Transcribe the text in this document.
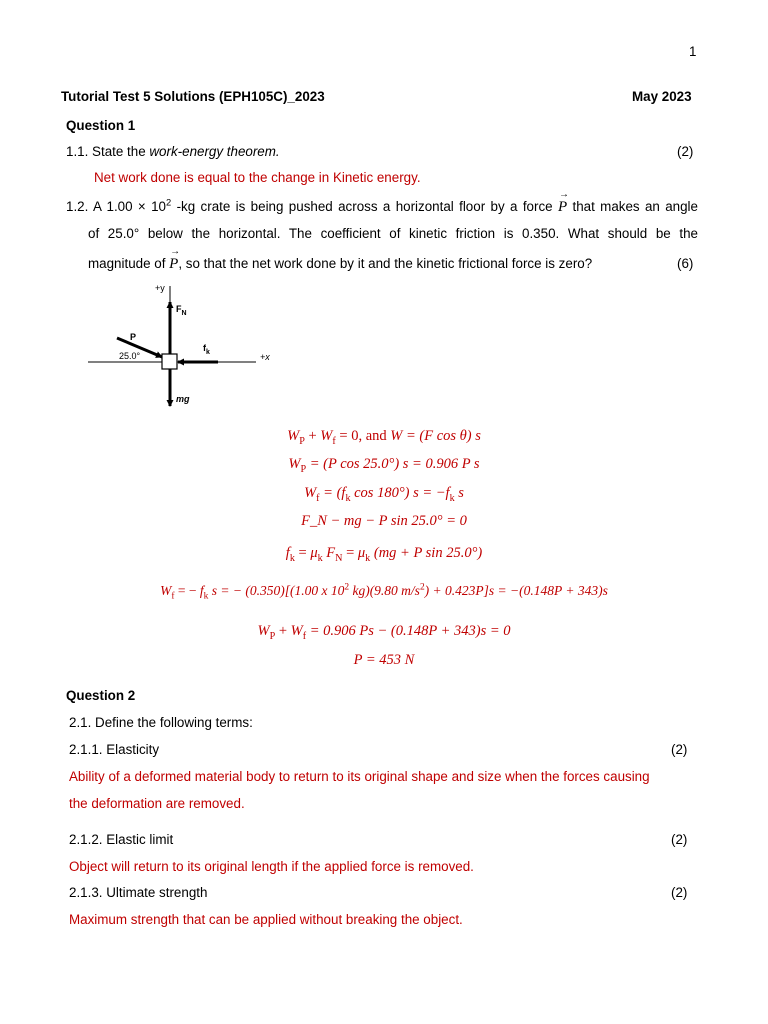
1
Tutorial Test 5 Solutions (EPH105C)_2023	May 2023
Question 1
1.1. State the work-energy theorem.	(2)
Net work done is equal to the change in Kinetic energy.
1.2. A $1.00 \times 10^2$ -kg crate is being pushed across a horizontal floor by a force → P that makes an angle
of 25.0° below the horizontal. The coefficient of kinetic friction is 0.350. What should be the
magnitude of → P, so that the net work done by it and the kinetic frictional force is zero?	(6)
+y
+x
$F_N$
P
25.0°
$f_k$
mg
$W_P + W_f = 0$, and W = (F cos θ) s
$W_P = (P$ cos 25.0°) s = 0.906 P s
$W_f = (f_k$ cos 180°) $s = -f_k$ s
F_N − mg − P sin 25.0° = 0
$f_k = \mu_k$ $F_N = \mu_k$ (mg + P sin 25.0°)
$W_f$ = − $f_k$ s = − (0.350)[(1.00 x $10^2$ kg)(9.80 $m/s^2) + 0.423P]s = -(0.148P + 343)s$
$W_P + W_f = 0.906$ Ps − (0.148P + 343)s = 0
P = 453 N
Question 2
2.1. Define the following terms:
2.1.1. Elasticity	(2)
Ability of a deformed material body to return to its original shape and size when the forces causing
the deformation are removed.
2.1.2. Elastic limit	(2)
Object will return to its original length if the applied force is removed.
2.1.3. Ultimate strength	(2)
Maximum strength that can be applied without breaking the object.
